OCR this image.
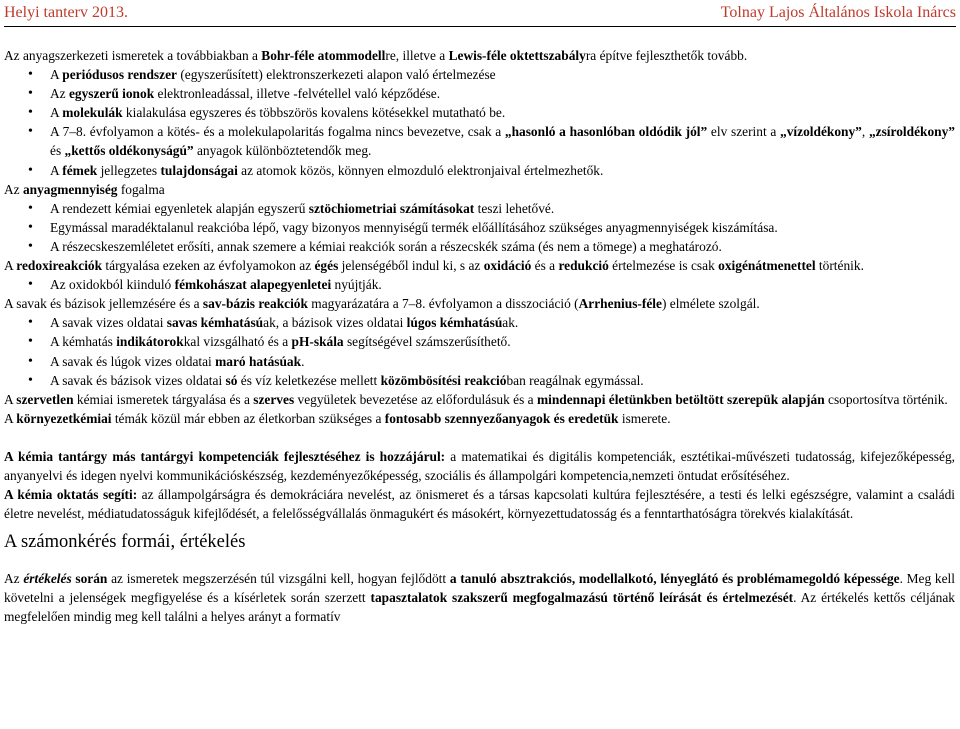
Helyi tanterv 2013.	Tolnay Lajos Általános Iskola Inárcs

Az anyagszerkezeti ismeretek a továbbiakban a Bohr-féle atommodellre, illetve a Lewis-féle oktettszabályra építve fejleszthetők tovább.

• A periódusos rendszer (egyszerűsített) elektronszerkezeti alapon való értelmezése

• Az egyszerű ionok elektronleadással, illetve -felvétellel való képződése.

• A molekulák kialakulása egyszeres és többszörös kovalens kötésekkel mutatható be.

• A 7–8. évfolyamon a kötés- és a molekulapolaritás fogalma nincs bevezetve, csak a „hasonló a hasonlóban oldódik jól” elv szerint a „vízoldékony”, „zsíroldékony” és „kettős oldékonyságú” anyagok különböztetendők meg.

• A fémek jellegzetes tulajdonságai az atomok közös, könnyen elmozduló elektronjaival értelmezhetők.

Az anyagmennyiség fogalma

• A rendezett kémiai egyenletek alapján egyszerű sztöchiometriai számításokat teszi lehetővé.

• Egymással maradéktalanul reakcióba lépő, vagy bizonyos mennyiségű termék előállításához szükséges anyagmennyiségek kiszámítása.

• A részecskeszemléletet erősíti, annak szemere a kémiai reakciók során a részecskék száma (és nem a tömege) a meghatározó.

A redoxireakciók tárgyalása ezeken az évfolyamokon az égés jelenségéből indul ki, s az oxidáció és a redukció értelmezése is csak oxigénátmenettel történik.

• Az oxidokból kiinduló fémkohászat alapegyenletei nyújtják.

A savak és bázisok jellemzésére és a sav-bázis reakciók magyarázatára a 7–8. évfolyamon a disszociáció (Arrhenius-féle) elmélete szolgál.

• A savak vizes oldatai savas kémhatásúak, a bázisok vizes oldatai lúgos kémhatásúak.

• A kémhatás indikátorokkal vizsgálható és a pH-skála segítségével számszerűsíthető.

• A savak és lúgok vizes oldatai maró hatásúak.

• A savak és bázisok vizes oldatai só és víz keletkezése mellett közömbösítési reakcióban reagálnak egymással.

A szervetlen kémiai ismeretek tárgyalása és a szerves vegyületek bevezetése az előfordulásuk és a mindennapi életünkben betöltött szerepük alapján csoportosítva történik.

A környezetkémiai témák közül már ebben az életkorban szükséges a fontosabb szennyezőanyagok és eredetük ismerete.

A kémia tantárgy más tantárgyi kompetenciák fejlesztéséhez is hozzájárul: a matematikai és digitális kompetenciák, esztétikai-művészeti tudatosság, kifejezőképesség, anyanyelvi és idegen nyelvi kommunikációskészség, kezdeményezőképesség, szociális és állampolgári kompetencia,nemzeti öntudat erősítéséhez.

A kémia oktatás segíti: az állampolgárságra és demokráciára nevelést, az önismeret és a társas kapcsolati kultúra fejlesztésére, a testi és lelki egészségre, valamint a családi életre nevelést, médiatudatosságuk kifejlődését, a felelősségvállalás önmagukért és másokért, környezettudatosság és a fenntarthatóságra törekvés kialakítását.

A számonkérés formái, értékelés

Az értékelés során az ismeretek megszerzésén túl vizsgálni kell, hogyan fejlődött a tanuló absztrakciós, modellalkotó, lényeglátó és problémamegoldó képessége. Meg kell követelni a jelenségek megfigyelése és a kísérletek során szerzett tapasztalatok szakszerű megfogalmazású történő leírását és értelmezését. Az értékelés kettős céljának megfelelően mindig meg kell találni a helyes arányt a formatív
